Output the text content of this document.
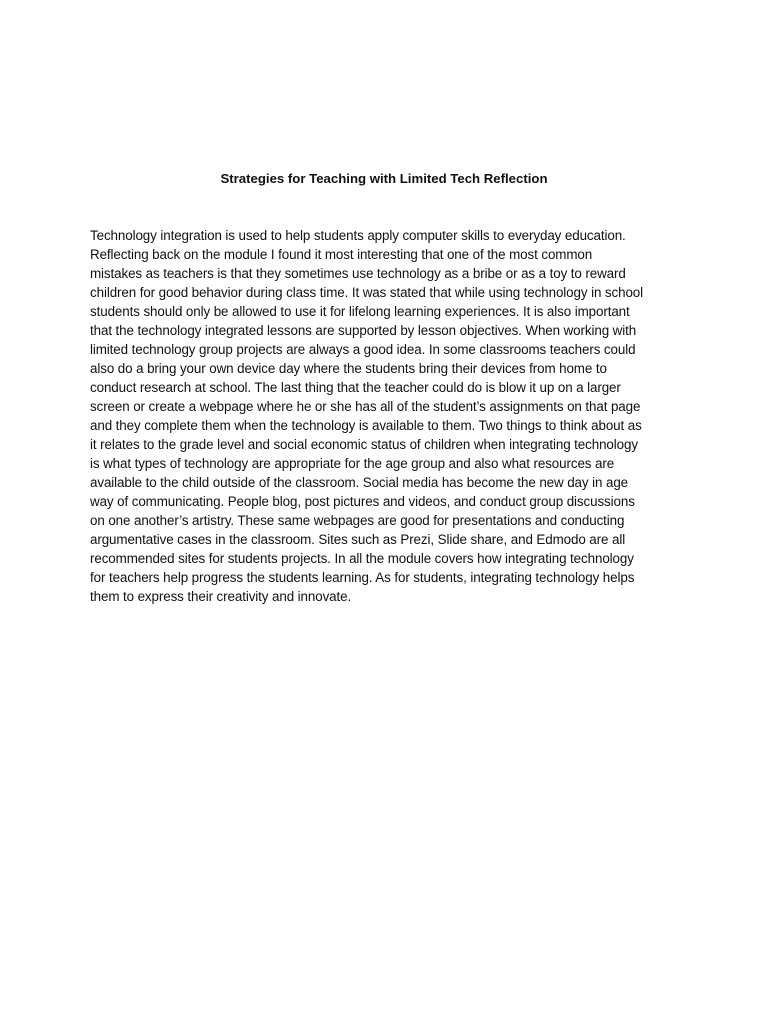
Strategies for Teaching with Limited Tech Reflection
Technology integration is used to help students apply computer skills to everyday education.
Reflecting back on the module I found it most interesting that one of the most common
mistakes as teachers is that they sometimes use technology as a bribe or as a toy to reward
children for good behavior during class time. It was stated that while using technology in school
students should only be allowed to use it for lifelong learning experiences. It is also important
that the technology integrated lessons are supported by lesson objectives. When working with
limited technology group projects are always a good idea. In some classrooms teachers could
also do a bring your own device day where the students bring their devices from home to
conduct research at school. The last thing that the teacher could do is blow it up on a larger
screen or create a webpage where he or she has all of the student’s assignments on that page
and they complete them when the technology is available to them. Two things to think about as
it relates to the grade level and social economic status of children when integrating technology
is what types of technology are appropriate for the age group and also what resources are
available to the child outside of the classroom. Social media has become the new day in age
way of communicating. People blog, post pictures and videos, and conduct group discussions
on one another’s artistry. These same webpages are good for presentations and conducting
argumentative cases in the classroom. Sites such as Prezi, Slide share, and Edmodo are all
recommended sites for students projects. In all the module covers how integrating technology
for teachers help progress the students learning. As for students, integrating technology helps
them to express their creativity and innovate.
